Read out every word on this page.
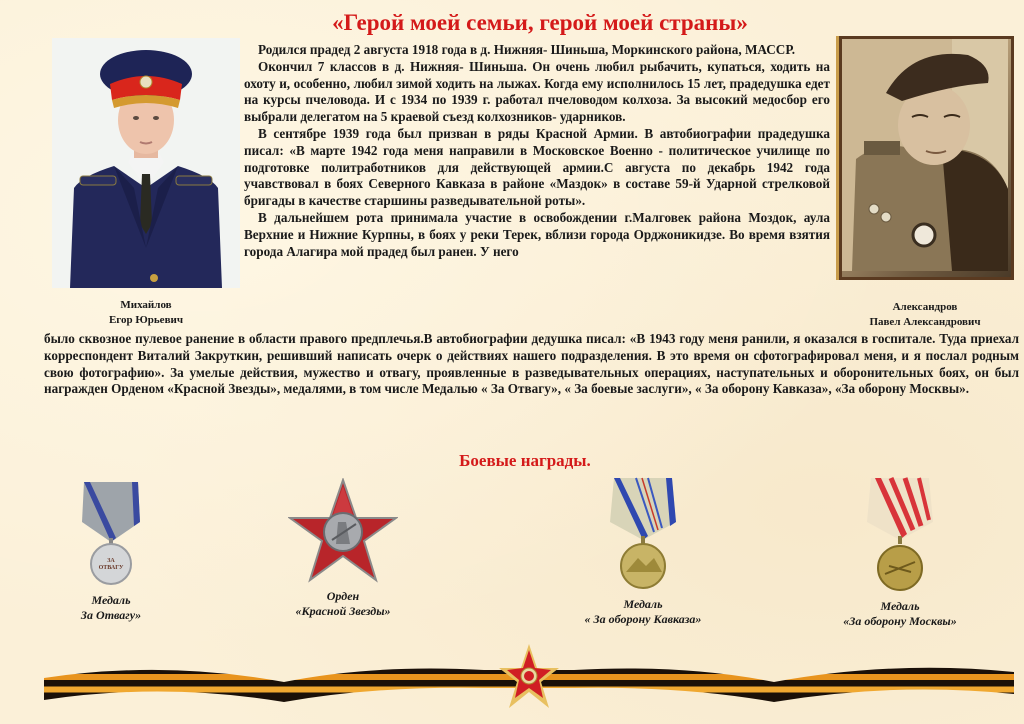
«Герой моей семьи, герой моей страны»
Михайлов
Егор Юрьевич
Александров
Павел Александрович

Родился прадед 2 августа 1918 года в д. Нижняя- Шиньша, Моркинского района, МАССР.

Окончил 7 классов в д. Нижняя- Шиньша. Он очень любил рыбачить, купаться, ходить на охоту и, особенно, любил зимой ходить на лыжах. Когда ему исполнилось 15 лет, прадедушка едет на курсы пчеловода. И с 1934 по 1939 г. работал пчеловодом колхоза. За высокий медосбор его выбрали делегатом на 5 краевой съезд колхозников- ударников.

В сентябре 1939 года был призван в ряды Красной Армии. В автобиографии прадедушка писал: «В марте 1942 года меня направили в Московское Военно - политическое училище по подготовке политработников для действующей армии.С августа по декабрь 1942 года учавствовал в боях Северного Кавказа в районе «Маздок» в составе 59-й Ударной стрелковой бригады в качестве старшины разведывательной роты».

В дальнейшем рота принимала участие в освобождении г.Малговек района Моздок, аула Верхние и Нижние Курпны, в боях у реки Терек, вблизи города Орджоникидзе. Во время взятия города Алагира мой прадед был ранен. У него

было сквозное пулевое ранение в области правого предплечья.В автобиографии дедушка писал: «В 1943 году меня ранили, я оказался в госпитале. Туда приехал корреспондент Виталий Закруткин, решивший написать очерк о действиях нашего подразделения. В это время он сфотографировал меня, и я послал родным свою фотографию». За умелые действия, мужество и отвагу, проявленные в разведывательных операциях, наступательных и оборонительных боях, он был награжден Орденом «Красной Звезды», медалями, в том числе Медалью « За Отвагу», « За боевые заслуги», « За оборону Кавказа», «За оборону Москвы».

Боевые награды.
ЗА
ОТВАГУ
Медаль
За Отвагу»
Орден
«Красной Звезды»	Медаль
« За оборону Кавказа»
Медаль
«За оборону Москвы»
